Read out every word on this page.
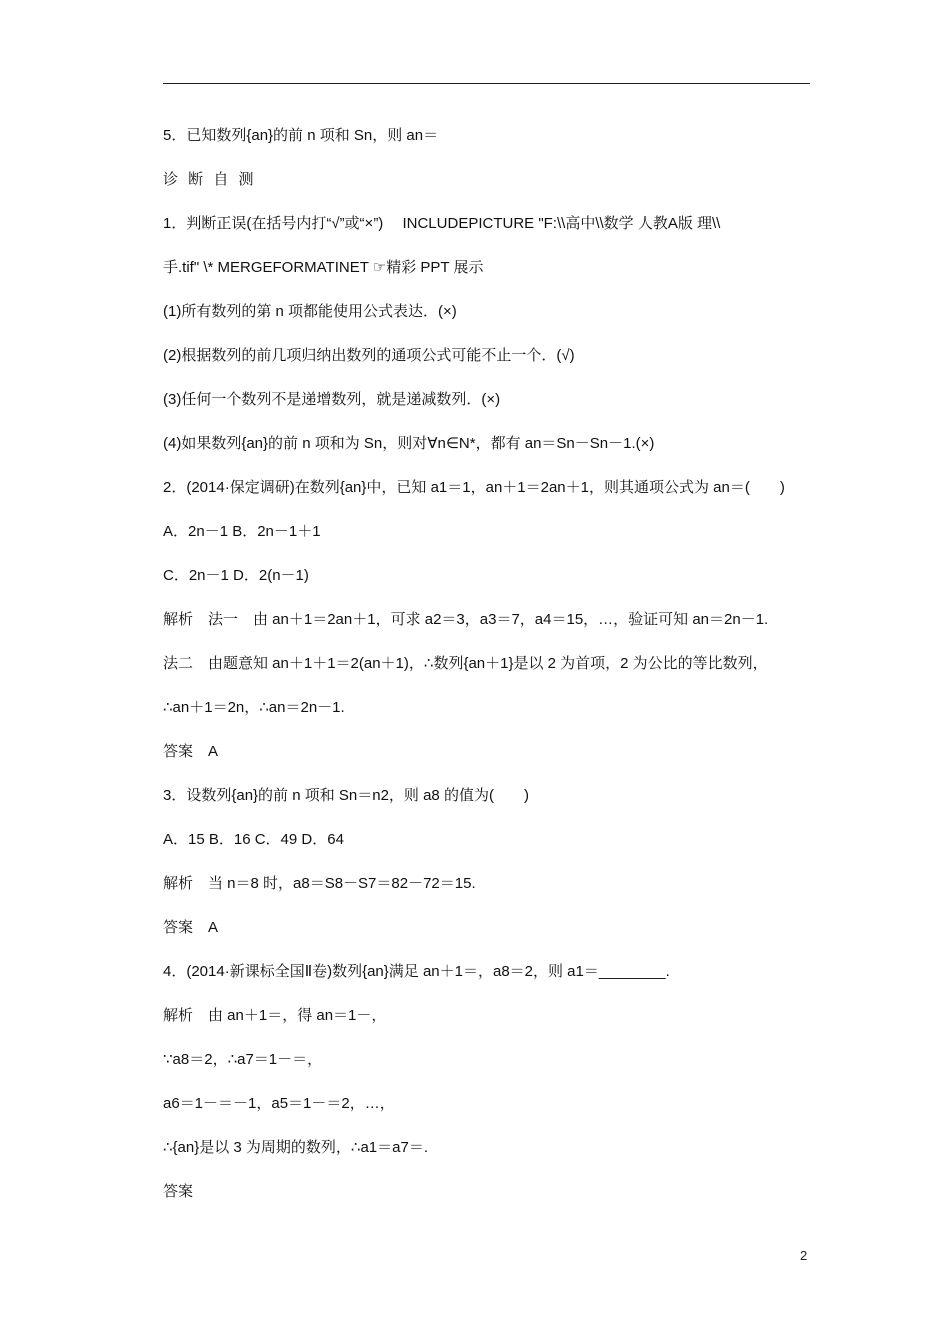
5．已知数列{an}的前 n 项和 Sn，则 an＝
诊 断 自 测
1．判断正误(在括号内打“√”或“×”)　 INCLUDEPICTURE "F:\\高中\\数学 人教A版 理\\
手.tif" \* MERGEFORMATINET ☞精彩 PPT 展示
(1)所有数列的第 n 项都能使用公式表达．(×)
(2)根据数列的前几项归纳出数列的通项公式可能不止一个．(√)
(3)任何一个数列不是递增数列，就是递减数列．(×)
(4)如果数列{an}的前 n 项和为 Sn，则对∀n∈N*，都有 an＝Sn－Sn－1.(×)
2．(2014·保定调研)在数列{an}中，已知 a1＝1，an＋1＝2an＋1，则其通项公式为 an＝(　　)
A．2n－1 B．2n－1＋1
C．2n－1 D．2(n－1)
解析　法一　由 an＋1＝2an＋1，可求 a2＝3，a3＝7，a4＝15，…，验证可知 an＝2n－1.
法二　由题意知 an＋1＋1＝2(an＋1)，∴数列{an＋1}是以 2 为首项，2 为公比的等比数列，
∴an＋1＝2n，∴an＝2n－1.
答案　A
3．设数列{an}的前 n 项和 Sn＝n2，则 a8 的值为(　　)
A．15 B．16 C．49 D．64
解析　当 n＝8 时，a8＝S8－S7＝82－72＝15.
答案　A
4．(2014·新课标全国Ⅱ卷)数列{an}满足 an＋1＝，a8＝2，则 a1＝________.
解析　由 an＋1＝，得 an＝1－，
∵a8＝2，∴a7＝1－＝，
a6＝1－＝－1，a5＝1－＝2，…，
∴{an}是以 3 为周期的数列，∴a1＝a7＝.
答案
2
